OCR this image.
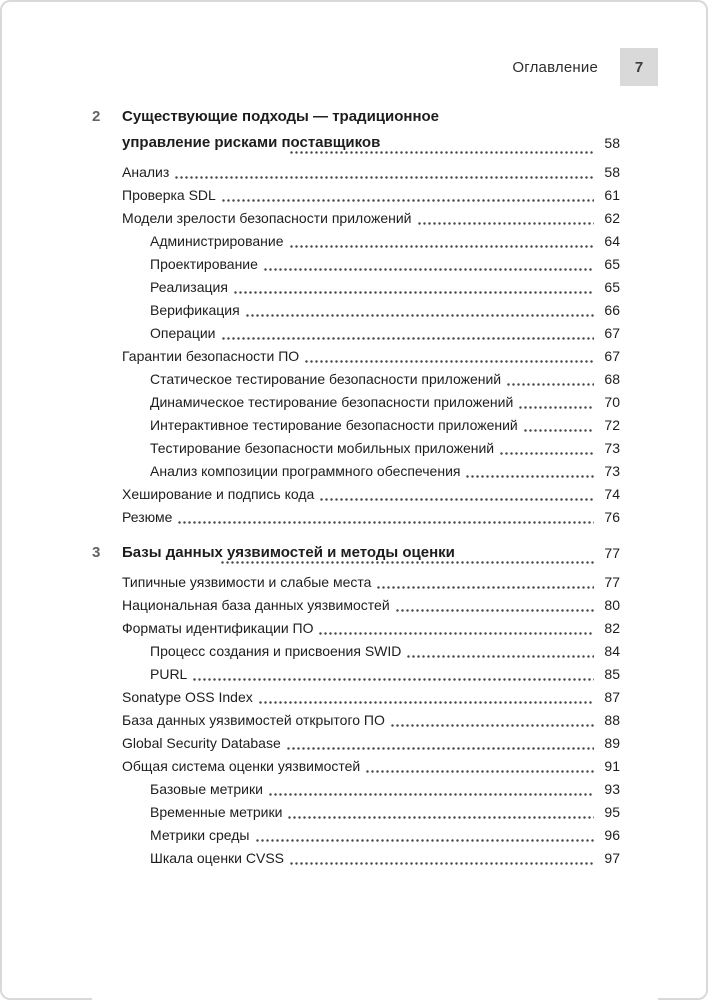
Оглавление	7
2	Существующие подходы — традиционное управление рисками поставщиков	58
Анализ	58
Проверка SDL	61
Модели зрелости безопасности приложений	62
Администрирование	64
Проектирование	65
Реализация	65
Верификация	66
Операции	67
Гарантии безопасности ПО	67
Статическое тестирование безопасности приложений	68
Динамическое тестирование безопасности приложений	70
Интерактивное тестирование безопасности приложений	72
Тестирование безопасности мобильных приложений	73
Анализ композиции программного обеспечения	73
Хеширование и подпись кода	74
Резюме	76
3	Базы данных уязвимостей и методы оценки	77
Типичные уязвимости и слабые места	77
Национальная база данных уязвимостей	80
Форматы идентификации ПО	82
Процесс создания и присвоения SWID	84
PURL	85
Sonatype OSS Index	87
База данных уязвимостей открытого ПО	88
Global Security Database	89
Общая система оценки уязвимостей	91
Базовые метрики	93
Временные метрики	95
Метрики среды	96
Шкала оценки CVSS	97
